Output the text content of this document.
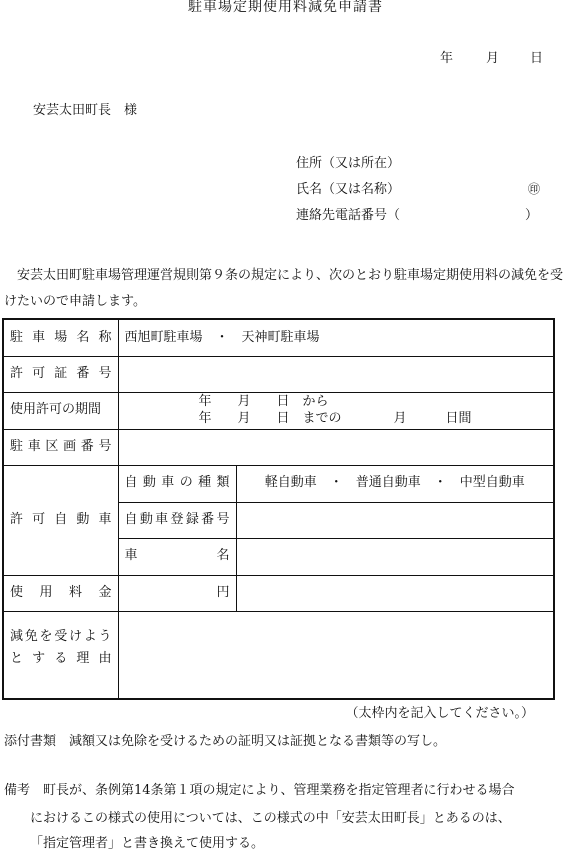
駐車場定期使用料減免申請書
年	月 日
安芸太田町長　様
住所（又は所在）
氏名（又は名称）	㊞
連絡先電話番号（	）
安芸太田町駐車場管理運営規則第９条の規定により、次のとおり駐車場定期使用料の減免を受けたいので申請します。
駐車場名称	西旭町駐車場　・　天神町駐車場	

許可証番号		

使用許可の期間	年　　月　　日　から
年　　月　　日　までの　　　　月　　　日間	

駐車区画番号		

許可自動車	自動車の種類	軽自動車　・　普通自動車　・　中型自動車

	自動車登録番号	

	車名	

使用料金	円	

減免を受けようとする理由		

（太枠内を記入してください。）
添付書類　減額又は免除を受けるための証明又は証拠となる書類等の写し。
備考　町長が、条例第14条第１項の規定により、管理業務を指定管理者に行わせる場合
におけるこの様式の使用については、この様式の中「安芸太田町長」とあるのは、
「指定管理者」と書き換えて使用する。
